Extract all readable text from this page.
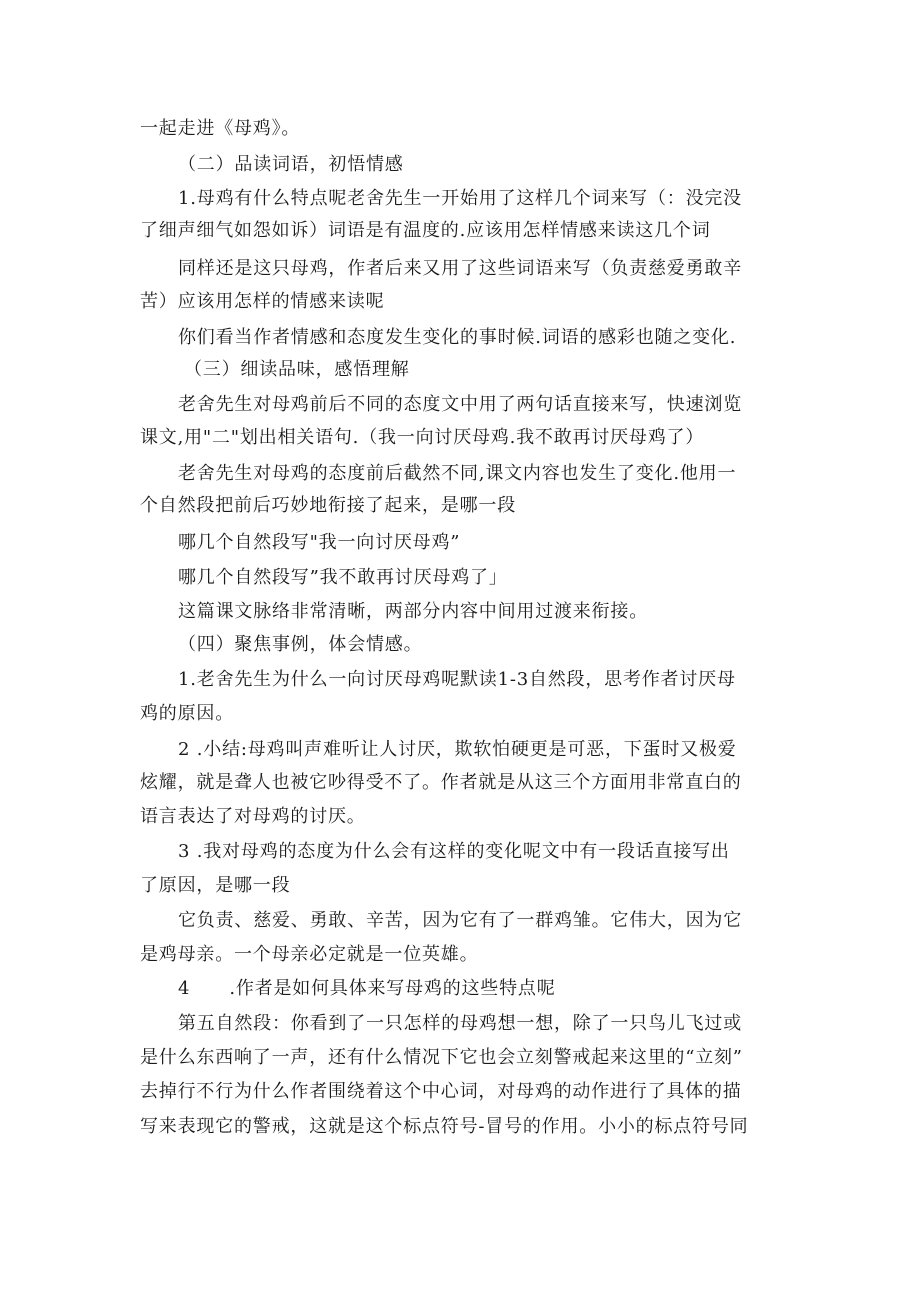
一起走进《母鸡》。
（二）品读词语，初悟情感
1.母鸡有什么特点呢老舍先生一开始用了这样几个词来写（：没完没
了细声细气如怨如诉）词语是有温度的.应该用怎样情感来读这几个词
同样还是这只母鸡，作者后来又用了这些词语来写（负责慈爱勇敢辛
苦）应该用怎样的情感来读呢
你们看当作者情感和态度发生变化的事时候.词语的感彩也随之变化.
（三）细读品味，感悟理解
老舍先生对母鸡前后不同的态度文中用了两句话直接来写，快速浏览
课文,用"二"划出相关语句.（我一向讨厌母鸡.我不敢再讨厌母鸡了）
老舍先生对母鸡的态度前后截然不同,课文内容也发生了变化.他用一
个自然段把前后巧妙地衔接了起来，是哪一段
哪几个自然段写"我一向讨厌母鸡”
哪几个自然段写”我不敢再讨厌母鸡了」
这篇课文脉络非常清晰，两部分内容中间用过渡来衔接。
（四）聚焦事例，体会情感。
1.老舍先生为什么一向讨厌母鸡呢默读1-3自然段，思考作者讨厌母
鸡的原因。
2 .小结:母鸡叫声难听让人讨厌，欺软怕硬更是可恶，下蛋时又极爱
炫耀，就是聋人也被它吵得受不了。作者就是从这三个方面用非常直白的
语言表达了对母鸡的讨厌。
3 .我对母鸡的态度为什么会有这样的变化呢文中有一段话直接写出
了原因，是哪一段
它负责、慈爱、勇敢、辛苦，因为它有了一群鸡雏。它伟大，因为它
是鸡母亲。一个母亲必定就是一位英雄。
4      .作者是如何具体来写母鸡的这些特点呢
第五自然段：你看到了一只怎样的母鸡想一想，除了一只鸟儿飞过或
是什么东西响了一声，还有什么情况下它也会立刻警戒起来这里的“立刻”
去掉行不行为什么作者围绕着这个中心词，对母鸡的动作进行了具体的描
写来表现它的警戒，这就是这个标点符号-冒号的作用。小小的标点符号同
